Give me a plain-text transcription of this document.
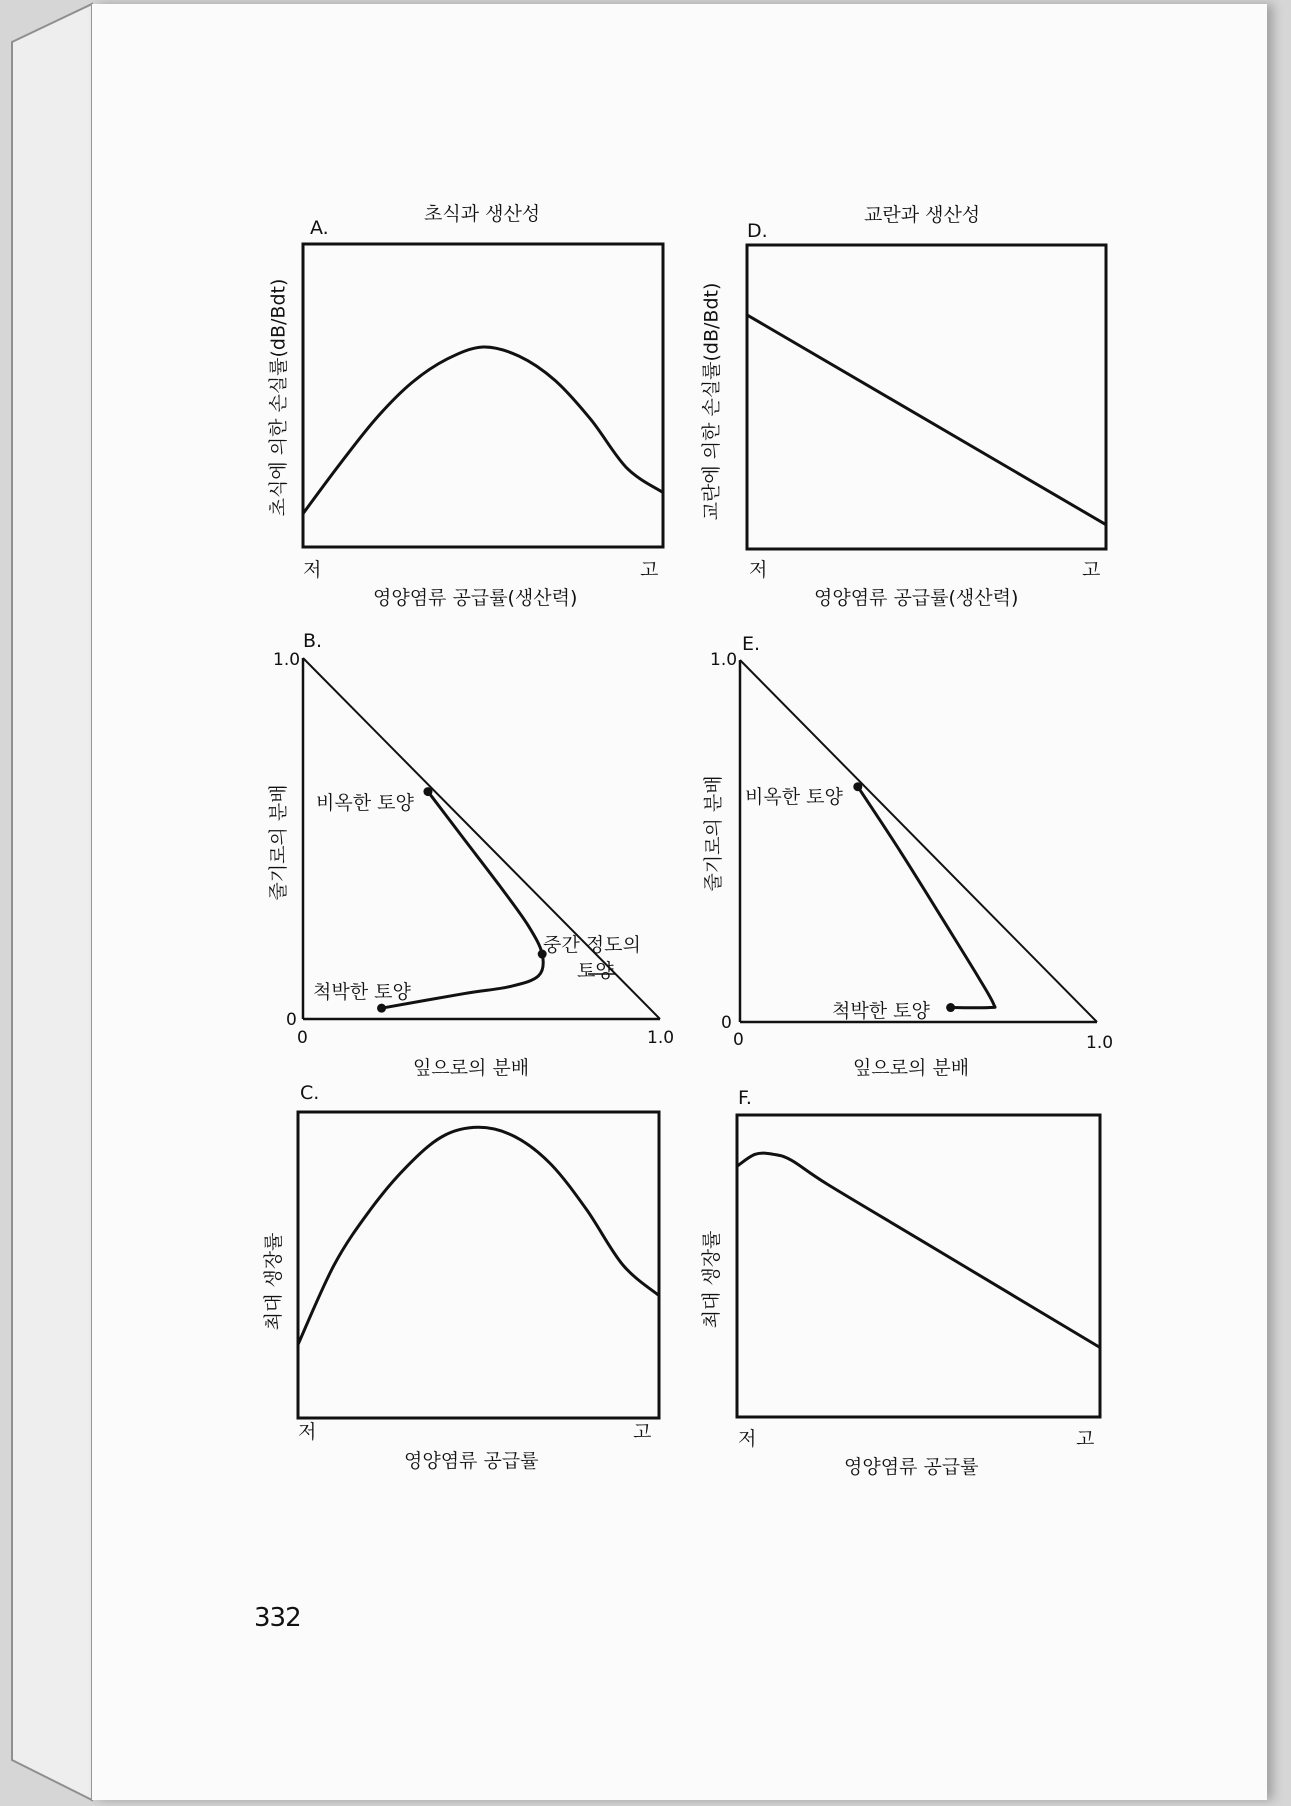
초식과 생산성
A.
초식에 의한 손실률(dB/Bdt)
저	고
영양염류 공급률(생산력)
교란과 생산성
D.
교란에 의한 손실률(dB/Bdt)
저	고
영양염류 공급률(생산력)
B.
1.0
0
0	1.0
줄기로의 분배
잎으로의 분배
비옥한 토양
중간 정도의
토양
척박한 토양
E.
1.0
0
0	1.0
줄기로의 분배
잎으로의 분배
비옥한 토양
척박한 토양
C.
최대 생장률
저	고
영양염류 공급률
F.
최대 생장률
저	고
영양염류 공급률
332
